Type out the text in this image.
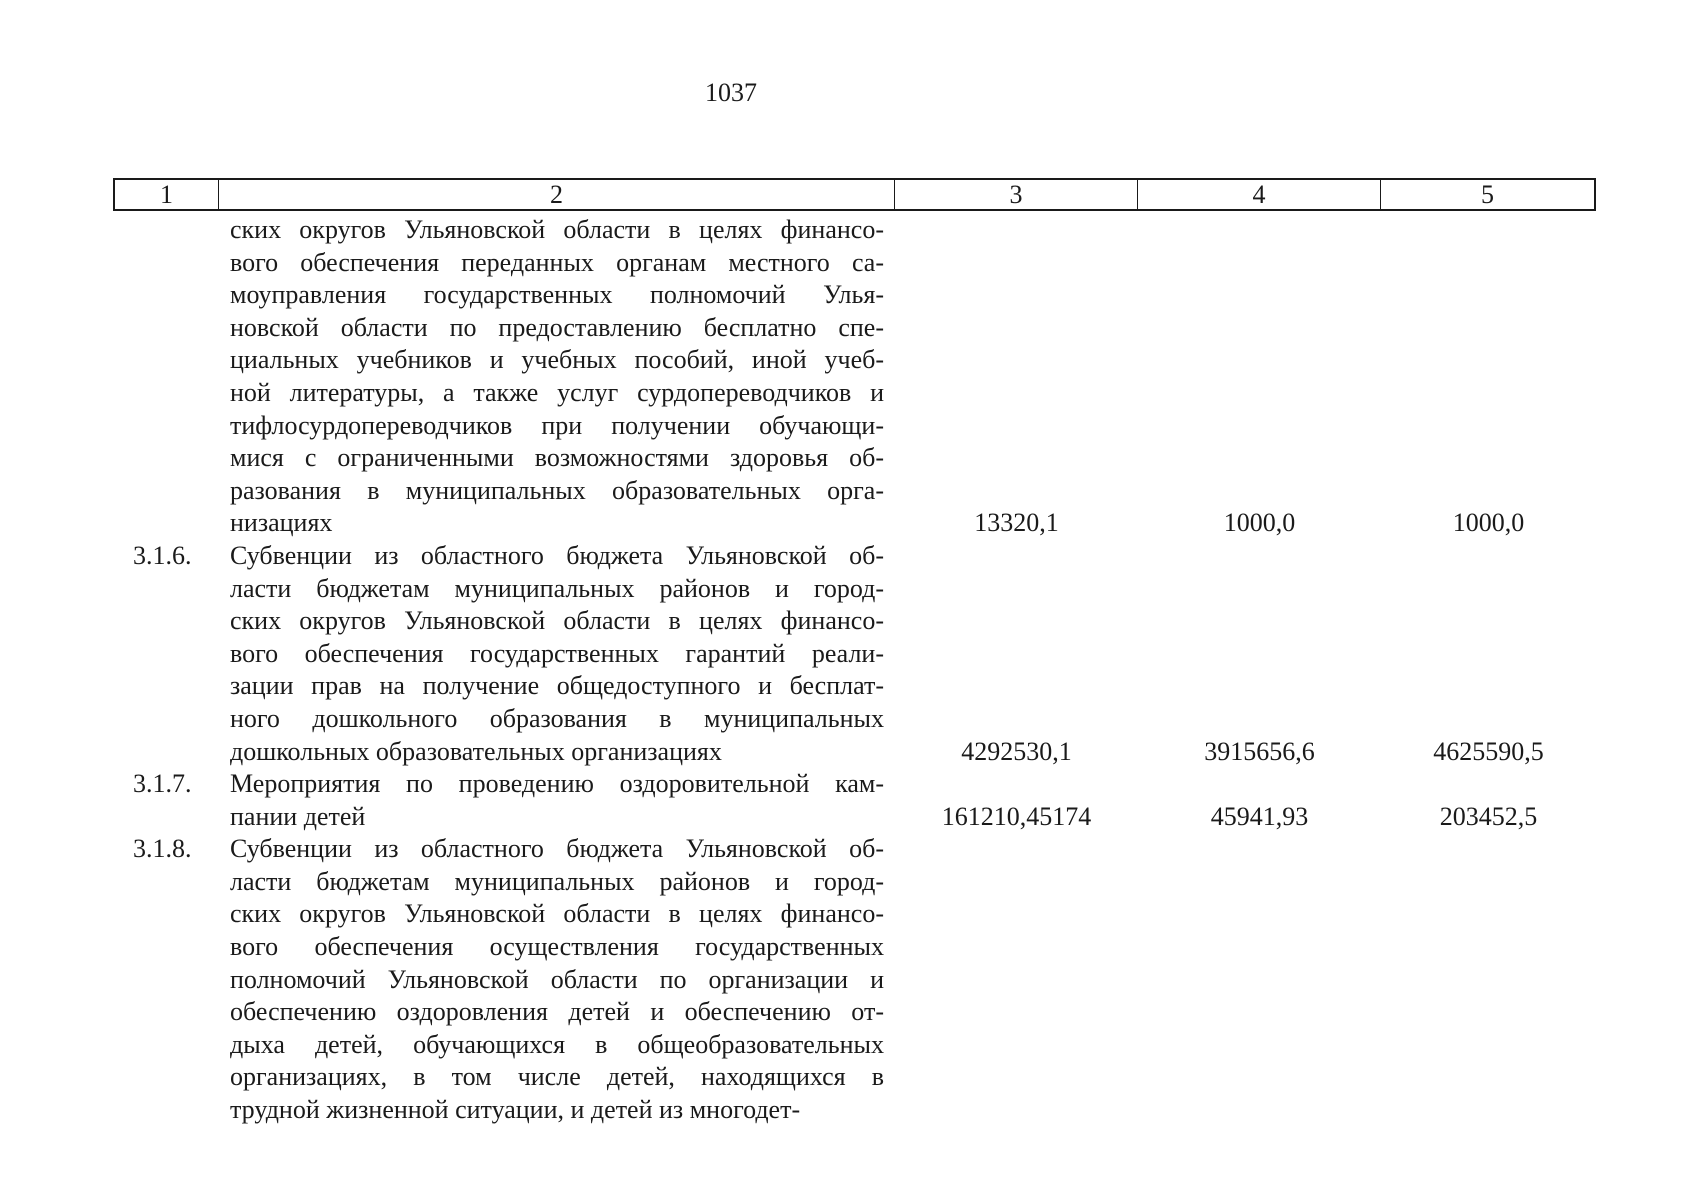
1037
1	2	3	4	5
ских округов Ульяновской области в целях финансо-
вого обеспечения переданных органам местного са-
моуправления государственных полномочий Улья-
новской области по предоставлению бесплатно спе-
циальных учебников и учебных пособий, иной учеб-
ной литературы, а также услуг сурдопереводчиков и
тифлосурдопереводчиков при получении обучающи-
мися с ограниченными возможностями здоровья об-
разования в муниципальных образовательных орга-
низациях	13320,1	1000,0	1000,0
3.1.6. Субвенции из областного бюджета Ульяновской об-
ласти бюджетам муниципальных районов и город-
ских округов Ульяновской области в целях финансо-
вого обеспечения государственных гарантий реали-
зации прав на получение общедоступного и бесплат-
ного дошкольного образования в муниципальных
дошкольных образовательных организациях	4292530,1	3915656,6	4625590,5
3.1.7. Мероприятия по проведению оздоровительной кам-
пании детей	161210,45174	45941,93	203452,5
3.1.8. Субвенции из областного бюджета Ульяновской об-
ласти бюджетам муниципальных районов и город-
ских округов Ульяновской области в целях финансо-
вого обеспечения осуществления государственных
полномочий Ульяновской области по организации и
обеспечению оздоровления детей и обеспечению от-
дыха детей, обучающихся в общеобразовательных
организациях, в том числе детей, находящихся в
трудной жизненной ситуации, и детей из многодет-
